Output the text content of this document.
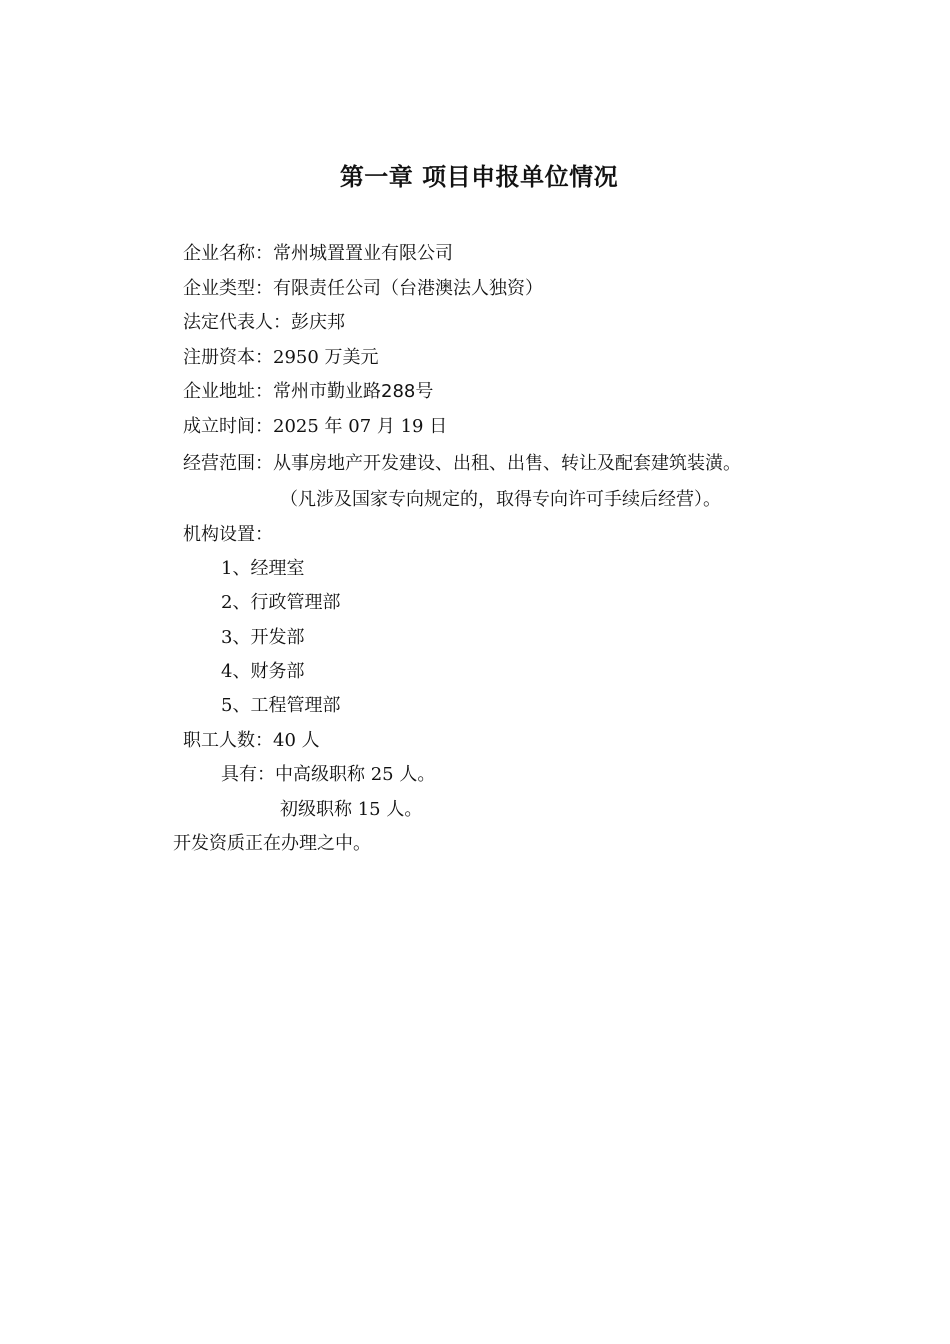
第一章 项目申报单位情况
企业名称：常州城置置业有限公司
企业类型：有限责任公司（台港澳法人独资）
法定代表人：彭庆邦
注册资本：2950 万美元
企业地址：常州市勤业路288号
成立时间：2025 年 07 月 19 日
经营范围：从事房地产开发建设、出租、出售、转让及配套建筑装潢。
（凡涉及国家专向规定的，取得专向许可手续后经营）。
机构设置：
1、经理室
2、行政管理部
3、开发部
4、财务部
5、工程管理部
职工人数：40 人
具有：中高级职称 25 人。
初级职称 15 人。
开发资质正在办理之中。
